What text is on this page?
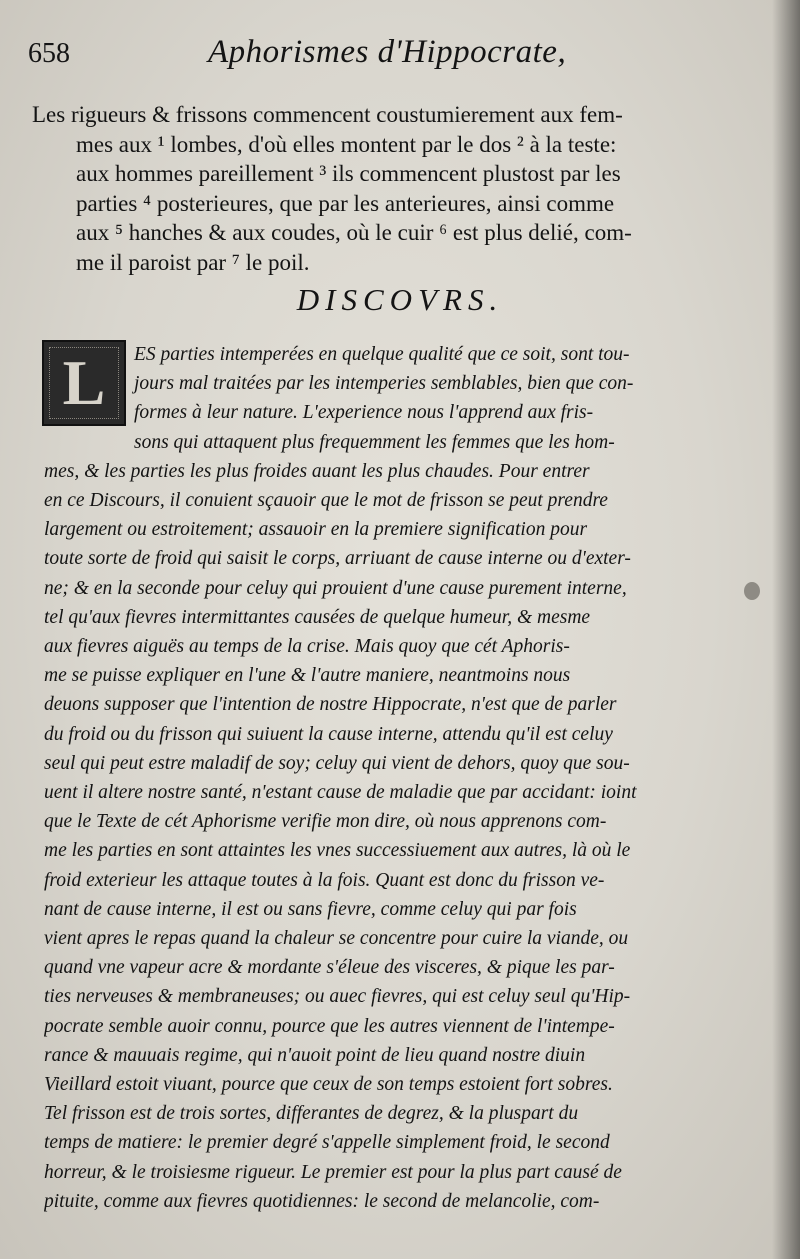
658	Aphorismes d'Hippocrate,

Les rigueurs & frissons commencent coustumierement aux fem-

mes aux ¹ lombes, d'où elles montent par le dos ² à la teste:

aux hommes pareillement ³ ils commencent plustost par les

parties ⁴ posterieures, que par les anterieures, ainsi comme

aux ⁵ hanches & aux coudes, où le cuir ⁶ est plus delié, com-

me il paroist par ⁷ le poil.

DISCOVRS.

ES parties intemperées en quelque qualité que ce soit, sont tou-

jours mal traitées par les intemperies semblables, bien que con-

formes à leur nature. L'experience nous l'apprend aux fris-

sons qui attaquent plus frequemment les femmes que les hom-

mes, & les parties les plus froides auant les plus chaudes. Pour entrer

en ce Discours, il conuient sçauoir que le mot de frisson se peut prendre

largement ou estroitement; assauoir en la premiere signification pour

toute sorte de froid qui saisit le corps, arriuant de cause interne ou d'exter-

ne; & en la seconde pour celuy qui prouient d'une cause purement interne,

tel qu'aux fievres intermittantes causées de quelque humeur, & mesme

aux fievres aiguës au temps de la crise. Mais quoy que cét Aphoris-

me se puisse expliquer en l'une & l'autre maniere, neantmoins nous

deuons supposer que l'intention de nostre Hippocrate, n'est que de parler

du froid ou du frisson qui suiuent la cause interne, attendu qu'il est celuy

seul qui peut estre maladif de soy; celuy qui vient de dehors, quoy que sou-

uent il altere nostre santé, n'estant cause de maladie que par accidant: ioint

que le Texte de cét Aphorisme verifie mon dire, où nous apprenons com-

me les parties en sont attaintes les vnes successiuement aux autres, là où le

froid exterieur les attaque toutes à la fois. Quant est donc du frisson ve-

nant de cause interne, il est ou sans fievre, comme celuy qui par fois

vient apres le repas quand la chaleur se concentre pour cuire la viande, ou

quand vne vapeur acre & mordante s'éleue des visceres, & pique les par-

ties nerveuses & membraneuses; ou auec fievres, qui est celuy seul qu'Hip-

pocrate semble auoir connu, pource que les autres viennent de l'intempe-

rance & mauuais regime, qui n'auoit point de lieu quand nostre diuin

Vieillard estoit viuant, pource que ceux de son temps estoient fort sobres.

Tel frisson est de trois sortes, differantes de degrez, & la pluspart du

temps de matiere: le premier degré s'appelle simplement froid, le second

horreur, & le troisiesme rigueur. Le premier est pour la plus part causé de

pituite, comme aux fievres quotidiennes: le second de melancolie, com-

L
